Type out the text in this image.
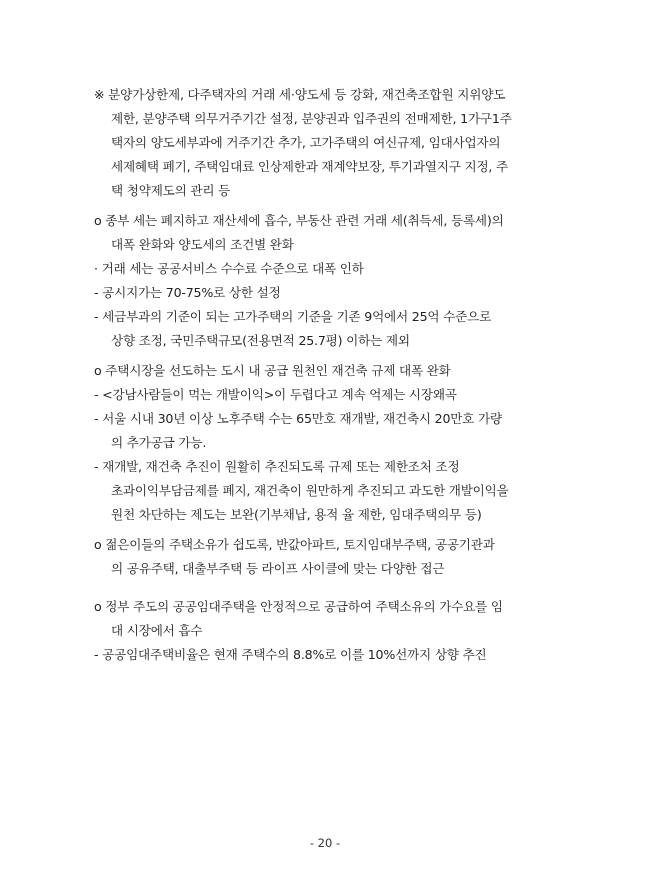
※ 분양가상한제, 다주택자의 거래 세·양도세 등 강화, 재건축조합원 지위양도
제한, 분양주택 의무거주기간 설정, 분양권과 입주권의 전매제한, 1가구1주
택자의 양도세부과에 거주기간 추가, 고가주택의 여신규제, 임대사업자의
세제혜택 폐기, 주택임대료 인상제한과 재계약보장, 투기과열지구 지정, 주
택 청약제도의 관리 등
o 종부 세는 폐지하고 재산세에 흡수, 부동산 관련 거래 세(취득세, 등록세)의
대폭 완화와 양도세의 조건별 완화
· 거래 세는 공공서비스 수수료 수준으로 대폭 인하
- 공시지가는 70-75%로 상한 설정
- 세금부과의 기준이 되는 고가주택의 기준을 기존 9억에서 25억 수준으로
상향 조정, 국민주택규모(전용면적 25.7평) 이하는 제외
o 주택시장을 선도하는 도시 내 공급 원천인 재건축 규제 대폭 완화
- <강남사람들이 먹는 개발이익>이 두렵다고 계속 억제는 시장왜곡
- 서울 시내 30년 이상 노후주택 수는 65만호 재개발, 재건축시 20만호 가량
의 추가공급 가능.
- 재개발, 재건축 추진이 원활히 추진되도록 규제 또는 제한조처 조정
초과이익부담금제를 폐지, 재건축이 원만하게 추진되고 과도한 개발이익을
원천 차단하는 제도는 보완(기부채납, 용적 율 제한, 임대주택의무 등)
o 젊은이들의 주택소유가 쉽도록, 반값아파트, 토지임대부주택, 공공기관과
의 공유주택, 대출부주택 등 라이프 사이클에 맞는 다양한 접근
o 정부 주도의 공공임대주택을 안정적으로 공급하여 주택소유의 가수요를 임
대 시장에서 흡수
- 공공임대주택비율은 현재 주택수의 8.8%로 이를 10%선까지 상향 추진
- 20 -
